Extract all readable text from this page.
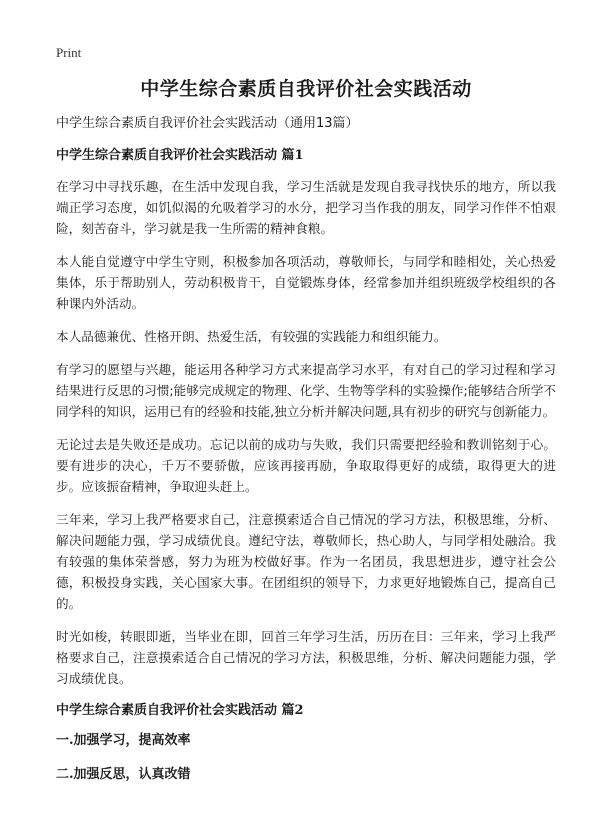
Print
中学生综合素质自我评价社会实践活动
中学生综合素质自我评价社会实践活动（通用13篇）
中学生综合素质自我评价社会实践活动 篇1

在学习中寻找乐趣，在生活中发现自我，学习生活就是发现自我寻找快乐的地方，所以我端正学习态度，如饥似渴的允吸着学习的水分，把学习当作我的朋友，同学习作伴不怕艰险，刻苦奋斗，学习就是我一生所需的精神食粮。

本人能自觉遵守中学生守则，积极参加各项活动，尊敬师长，与同学和睦相处，关心热爱集体，乐于帮助别人，劳动积极肯干，自觉锻炼身体，经常参加并组织班级学校组织的各种课内外活动。

本人品德兼优、性格开朗、热爱生活，有较强的实践能力和组织能力。

有学习的愿望与兴趣，能运用各种学习方式来提高学习水平，有对自己的学习过程和学习结果进行反思的习惯;能够完成规定的物理、化学、生物等学科的实验操作;能够结合所学不同学科的知识，运用已有的经验和技能,独立分析并解决问题,具有初步的研究与创新能力。

无论过去是失败还是成功。忘记以前的成功与失败，我们只需要把经验和教训铭刻于心。要有进步的决心，千万不要骄傲，应该再接再励，争取取得更好的成绩，取得更大的进步。应该振奋精神，争取迎头赶上。

三年来，学习上我严格要求自己，注意摸索适合自己情况的学习方法，积极思维，分析、解决问题能力强，学习成绩优良。遵纪守法，尊敬师长，热心助人，与同学相处融洽。我有较强的集体荣誉感，努力为班为校做好事。作为一名团员，我思想进步，遵守社会公德，积极投身实践，关心国家大事。在团组织的领导下，力求更好地锻炼自己，提高自己的。

时光如梭，转眼即逝，当毕业在即，回首三年学习生活，历历在目：三年来，学习上我严格要求自己，注意摸索适合自己情况的学习方法，积极思维，分析、解决问题能力强，学习成绩优良。

中学生综合素质自我评价社会实践活动 篇2
一.加强学习，提高效率
二.加强反思，认真改错
